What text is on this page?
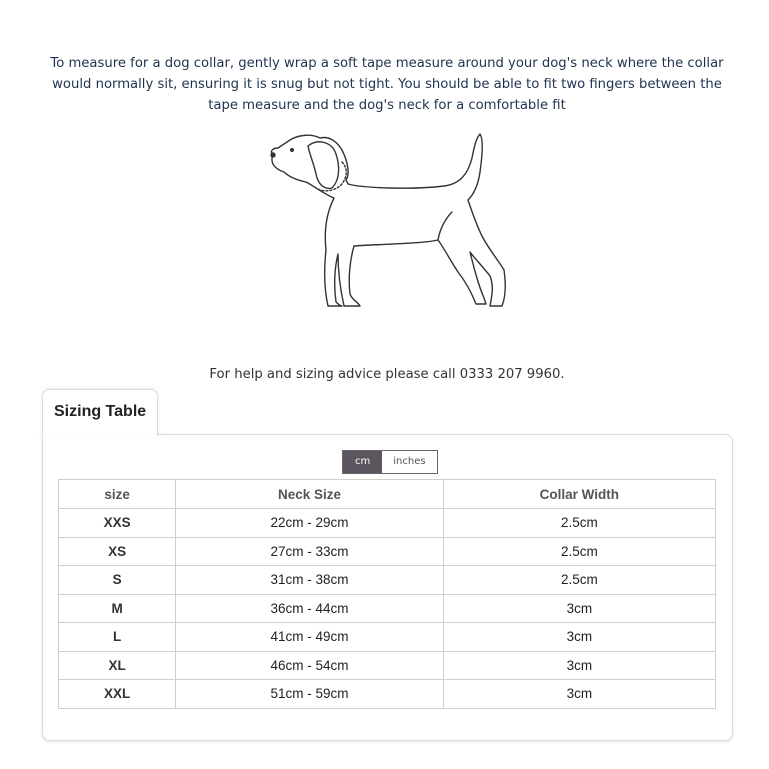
To measure for a dog collar, gently wrap a soft tape measure around your dog's neck where the collar would normally sit, ensuring it is snug but not tight. You should be able to fit two fingers between the tape measure and the dog's neck for a comfortable fit

For help and sizing advice please call 0333 207 9960.

Sizing Table
cm	inches
size	Neck Size	Collar Width
XXS	22cm - 29cm	2.5cm
XS	27cm - 33cm	2.5cm
S	31cm - 38cm	2.5cm
M	36cm - 44cm	3cm
L	41cm - 49cm	3cm
XL	46cm - 54cm	3cm
XXL	51cm - 59cm	3cm
